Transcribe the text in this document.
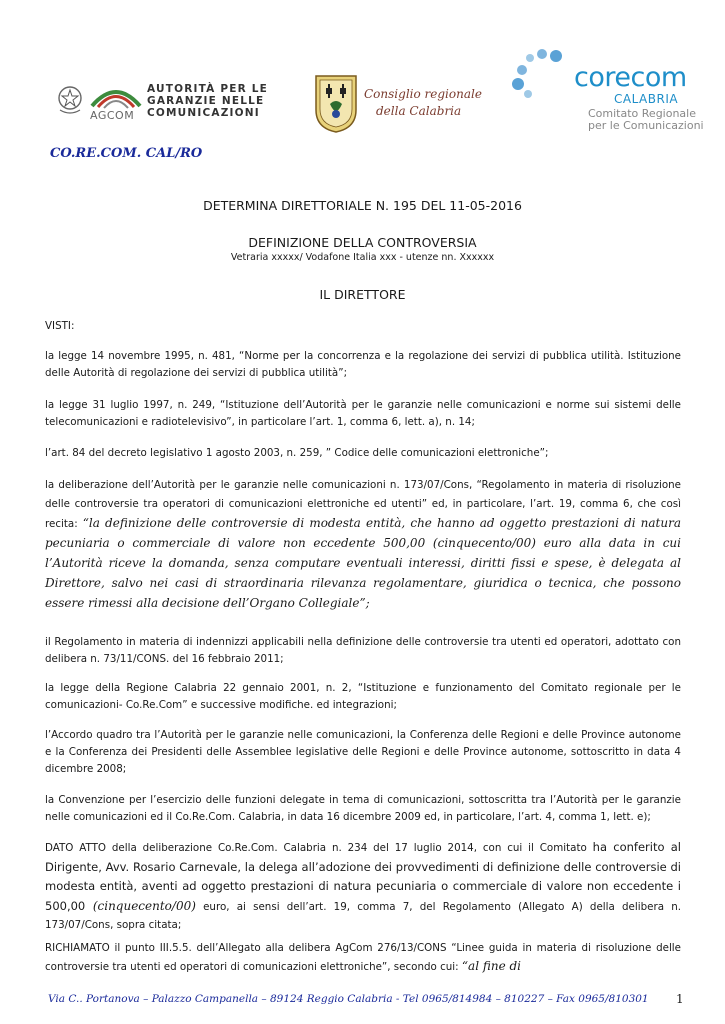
AGCOM
AUTORITÀ PER LE
GARANZIE NELLE
COMUNICAZIONI
Consiglio regionale
della Calabria
corecom
CALABRIA
Comitato Regionale
per le Comunicazioni
CO.RE.COM. CAL/RO
DETERMINA DIRETTORIALE N. 195 DEL 11-05-2016
DEFINIZIONE DELLA CONTROVERSIA
Vetraria xxxxx/ Vodafone Italia xxx - utenze nn. Xxxxxx
IL DIRETTORE
VISTI:
la legge 14 novembre 1995, n. 481, “Norme per la concorrenza e la regolazione dei servizi di pubblica utilità. Istituzione delle Autorità di regolazione dei servizi di pubblica utilità”;
la legge 31 luglio 1997, n. 249, “Istituzione dell’Autorità per le garanzie nelle comunicazioni e norme sui sistemi delle telecomunicazioni e radiotelevisivo”, in particolare l’art. 1, comma 6, lett. a), n. 14;
l’art. 84 del decreto legislativo 1 agosto 2003, n. 259, ” Codice delle comunicazioni elettroniche”;
la deliberazione dell’Autorità per le garanzie nelle comunicazioni n. 173/07/Cons, “Regolamento in materia di risoluzione delle controversie tra operatori di comunicazioni elettroniche ed utenti” ed, in particolare, l’art. 19, comma 6, che così recita: “la definizione delle controversie di modesta entità, che hanno ad oggetto prestazioni di natura pecuniaria o commerciale di valore non eccedente 500,00 (cinquecento/00) euro alla data in cui l’Autorità riceve la domanda, senza computare eventuali interessi, diritti fissi e spese, è delegata al Direttore, salvo nei casi di straordinaria rilevanza regolamentare, giuridica o tecnica, che possono essere rimessi alla decisione dell’Organo Collegiale”;
il Regolamento in materia di indennizzi applicabili nella definizione delle controversie tra utenti ed operatori, adottato con delibera n. 73/11/CONS. del 16 febbraio 2011;
la legge della Regione Calabria 22 gennaio 2001, n. 2, “Istituzione e funzionamento del Comitato regionale per le comunicazioni- Co.Re.Com” e successive modifiche. ed integrazioni;
l’Accordo quadro tra l’Autorità per le garanzie nelle comunicazioni, la Conferenza delle Regioni e delle Province autonome e la Conferenza dei Presidenti delle Assemblee legislative delle Regioni e delle Province autonome, sottoscritto in data 4 dicembre 2008;
la Convenzione per l’esercizio delle funzioni delegate in tema di comunicazioni, sottoscritta tra l’Autorità per le garanzie nelle comunicazioni ed il Co.Re.Com. Calabria, in data 16 dicembre 2009 ed, in particolare, l’art. 4, comma 1, lett. e);
DATO ATTO della deliberazione Co.Re.Com. Calabria n. 234 del 17 luglio 2014, con cui il Comitato ha conferito al Dirigente, Avv. Rosario Carnevale, la delega all’adozione dei provvedimenti di definizione delle controversie di modesta entità, aventi ad oggetto prestazioni di natura pecuniaria o commerciale di valore non eccedente i 500,00 (cinquecento/00) euro, ai sensi dell’art. 19, comma 7, del Regolamento (Allegato A) della delibera n. 173/07/Cons, sopra citata;
RICHIAMATO il punto III.5.5. dell’Allegato alla delibera AgCom 276/13/CONS “Linee guida in materia di risoluzione delle controversie tra utenti ed operatori di comunicazioni elettroniche”, secondo cui: “al fine di
Via C.. Portanova – Palazzo Campanella – 89124 Reggio Calabria - Tel 0965/814984 – 810227 – Fax 0965/810301 1
